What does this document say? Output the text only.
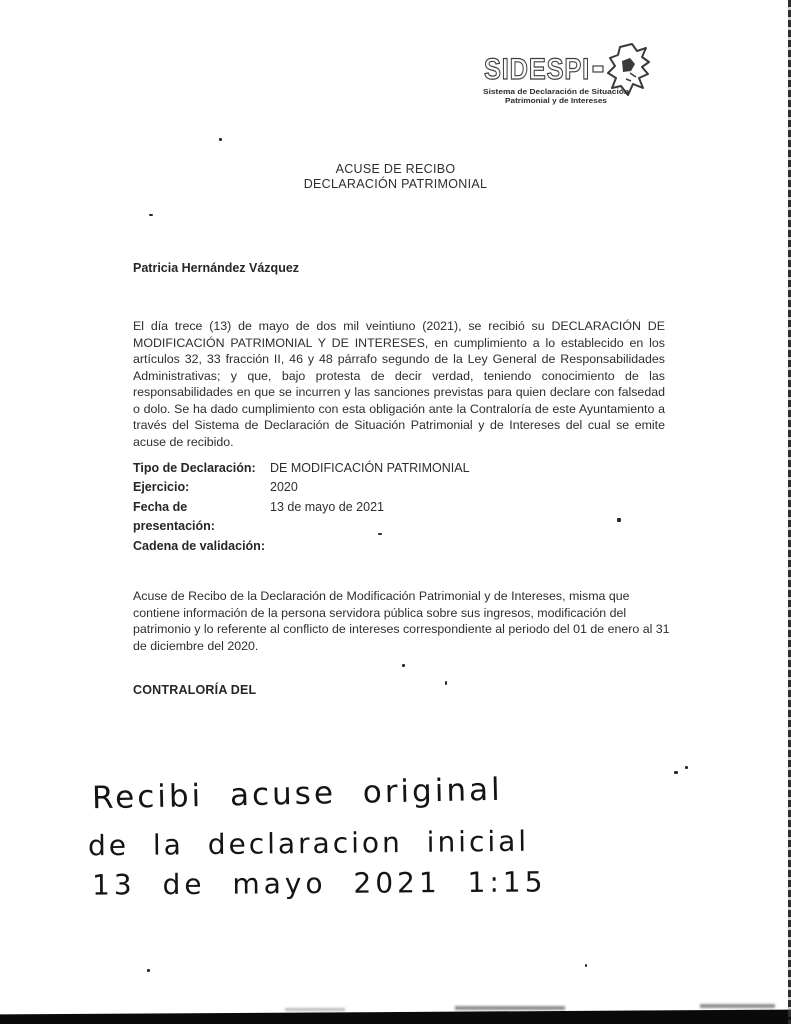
SIDESPI
Sistema de Declaración de Situación
Patrimonial y de Intereses
ACUSE DE RECIBO
DECLARACIÓN PATRIMONIAL
Patricia Hernández Vázquez

El día trece (13) de mayo de dos mil veintiuno (2021), se recibió su DECLARACIÓN DE MODIFICACIÓN PATRIMONIAL Y DE INTERESES, en cumplimiento a lo establecido en los artículos 32, 33 fracción II, 46 y 48 párrafo segundo de la Ley General de Responsabilidades Administrativas; y que, bajo protesta de decir verdad, teniendo conocimiento de las responsabilidades en que se incurren y las sanciones previstas para quien declare con falsedad o dolo. Se ha dado cumplimiento con esta obligación ante la Contraloría de este Ayuntamiento a través del Sistema de Declaración de Situación Patrimonial y de Intereses del cual se emite acuse de recibido.

Tipo de Declaración:	DE MODIFICACIÓN PATRIMONIAL
Ejercicio:	2020
Fecha de presentación:
13 de mayo de 2021
Cadena de validación:

Acuse de Recibo de la Declaración de Modificación Patrimonial y de Intereses, misma que contiene información de la persona servidora pública sobre sus ingresos, modificación del patrimonio y lo referente al conflicto de intereses correspondiente al periodo del 01 de enero al 31 de diciembre del 2020.

CONTRALORÍA DEL
Recibi acuse original
de la declaracion inicial
13 de mayo 2021 1:15
